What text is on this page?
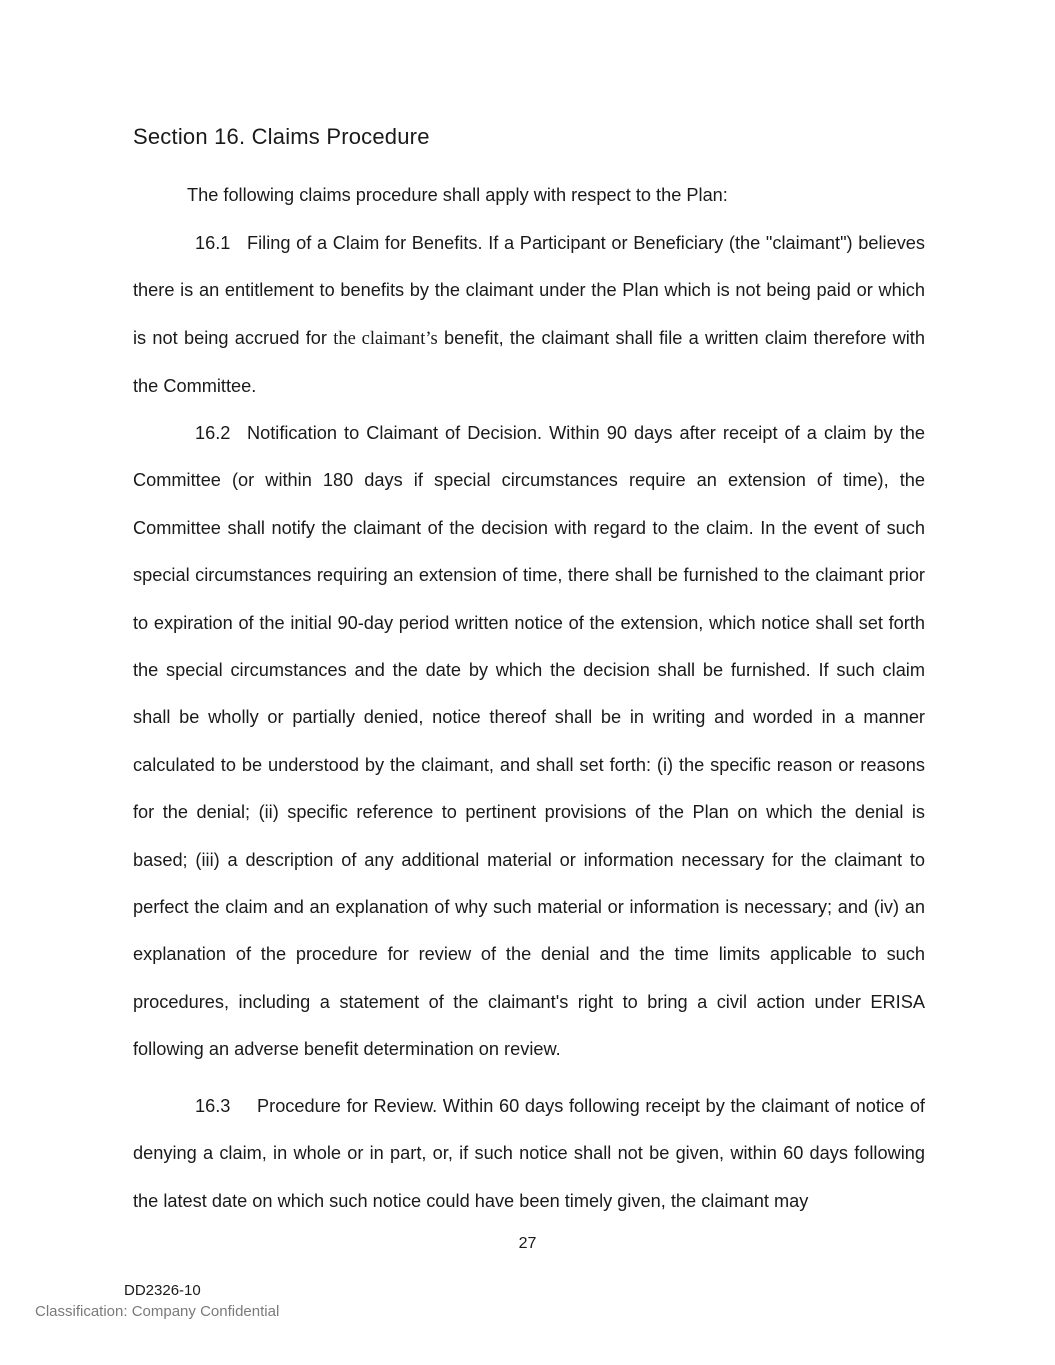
Section 16. Claims Procedure

The following claims procedure shall apply with respect to the Plan:

16.1 Filing of a Claim for Benefits. If a Participant or Beneficiary (the "claimant") believes there is an entitlement to benefits by the claimant under the Plan which is not being paid or which is not being accrued for the claimant’s benefit, the claimant shall file a written claim therefore with the Committee.

16.2 Notification to Claimant of Decision. Within 90 days after receipt of a claim by the Committee (or within 180 days if special circumstances require an extension of time), the Committee shall notify the claimant of the decision with regard to the claim. In the event of such special circumstances requiring an extension of time, there shall be furnished to the claimant prior to expiration of the initial 90-day period written notice of the extension, which notice shall set forth the special circumstances and the date by which the decision shall be furnished. If such claim shall be wholly or partially denied, notice thereof shall be in writing and worded in a manner calculated to be understood by the claimant, and shall set forth: (i) the specific reason or reasons for the denial; (ii) specific reference to pertinent provisions of the Plan on which the denial is based; (iii) a description of any additional material or information necessary for the claimant to perfect the claim and an explanation of why such material or information is necessary; and (iv) an explanation of the procedure for review of the denial and the time limits applicable to such procedures, including a statement of the claimant's right to bring a civil action under ERISA following an adverse benefit determination on review.

16.3 Procedure for Review. Within 60 days following receipt by the claimant of notice of denying a claim, in whole or in part, or, if such notice shall not be given, within 60 days following the latest date on which such notice could have been timely given, the claimant may

27

DD2326-10

Classification: Company Confidential
